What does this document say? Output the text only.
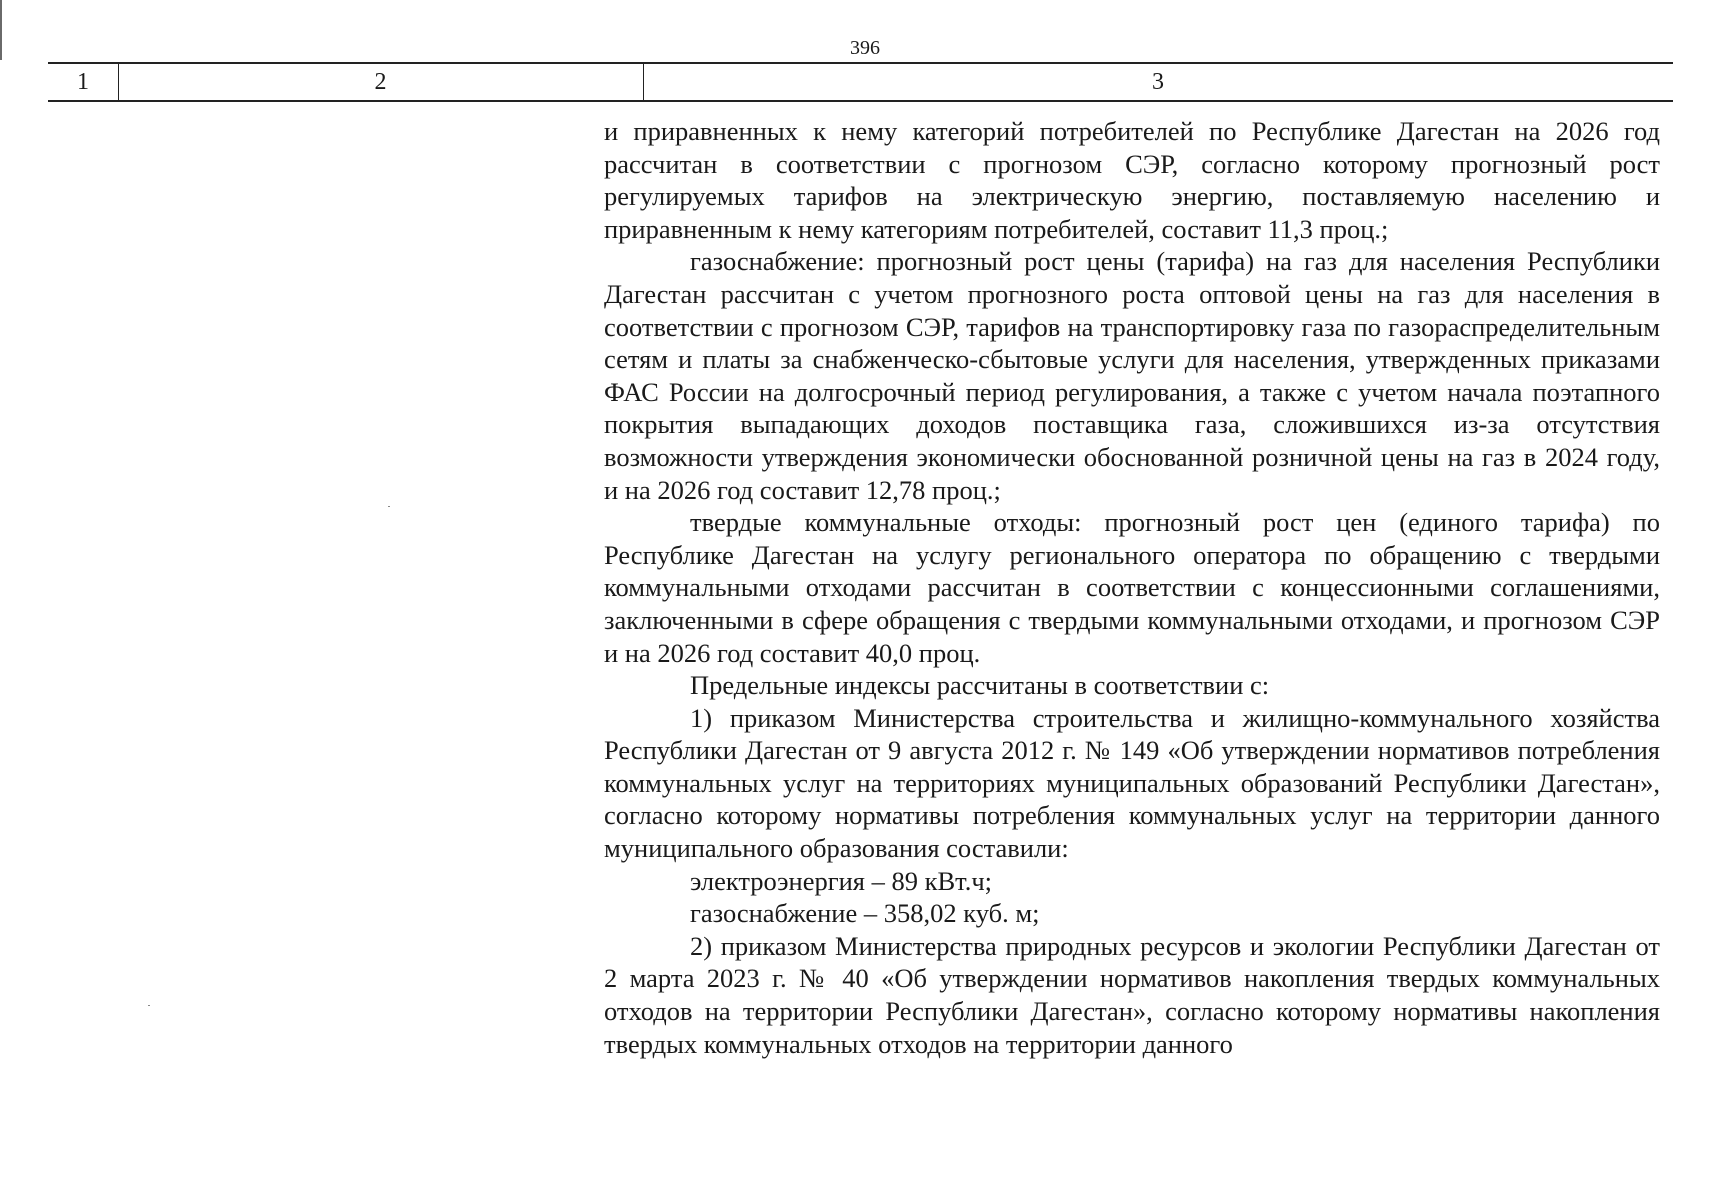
396
1	2	3

и приравненных к нему категорий потребителей по Республике Дагестан на 2026 год рассчитан в соответствии с прогнозом СЭР, согласно которому прогнозный рост регулируемых тарифов на электрическую энергию, поставляемую населению и приравненным к нему категориям потребителей, составит 11,3 проц.;

газоснабжение: прогнозный рост цены (тарифа) на газ для населения Республики Дагестан рассчитан с учетом прогнозного роста оптовой цены на газ для населения в соответствии с прогнозом СЭР, тарифов на транспортировку газа по газораспределительным сетям и платы за снабженческо-сбытовые услуги для населения, утвержденных приказами ФАС России на долгосрочный период регулирования, а также с учетом начала поэтапного покрытия выпадающих доходов поставщика газа, сложившихся из-за отсутствия возможности утверждения экономически обоснованной розничной цены на газ в 2024 году, и на 2026 год составит 12,78 проц.;

твердые коммунальные отходы: прогнозный рост цен (единого тарифа) по Республике Дагестан на услугу регионального оператора по обращению с твердыми коммунальными отходами рассчитан в соответствии с концессионными соглашениями, заключенными в сфере обращения с твердыми коммунальными отходами, и прогнозом СЭР и на 2026 год составит 40,0 проц.

Предельные индексы рассчитаны в соответствии с:

1) приказом Министерства строительства и жилищно-коммунального хозяйства Республики Дагестан от 9 августа 2012 г. № 149 «Об утверждении нормативов потребления коммунальных услуг на территориях муниципальных образований Республики Дагестан», согласно которому нормативы потребления коммунальных услуг на территории данного муниципального образования составили:

электроэнергия – 89 кВт.ч;

газоснабжение – 358,02 куб. м;

2) приказом Министерства природных ресурсов и экологии Республики Дагестан от 2 марта 2023 г. № 40 «Об утверждении нормативов накопления твердых коммунальных отходов на территории Республики Дагестан», согласно которому нормативы накопления твердых коммунальных отходов на территории данного
